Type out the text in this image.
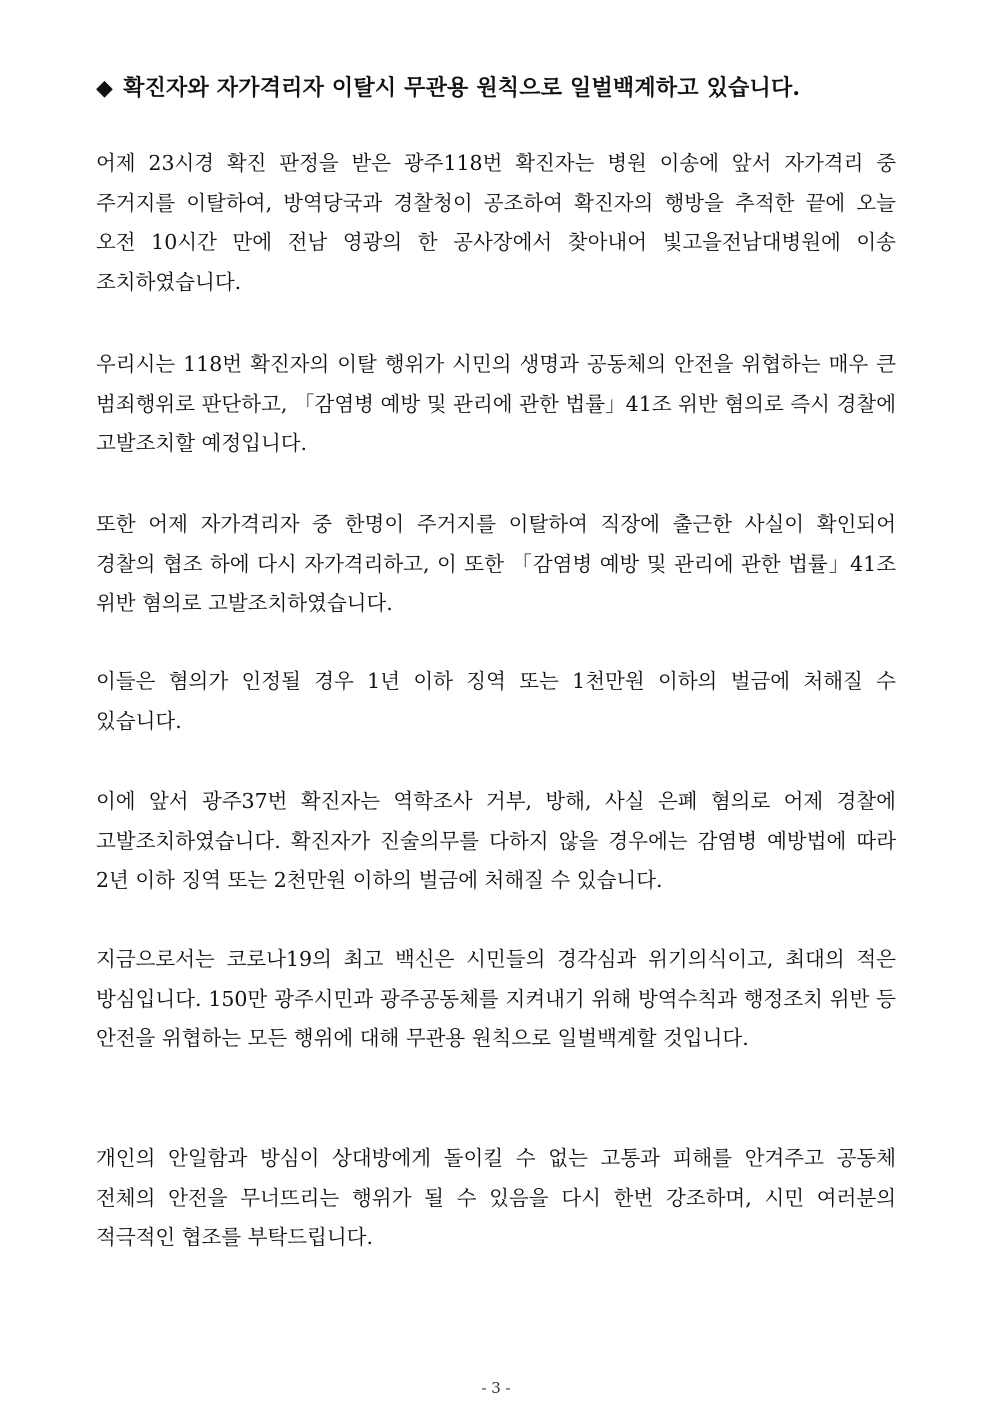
◆ 확진자와 자가격리자 이탈시 무관용 원칙으로 일벌백계하고 있습니다.

어제 23시경 확진 판정을 받은 광주118번 확진자는 병원 이송에 앞서 자가격리 중 주거지를 이탈하여, 방역당국과 경찰청이 공조하여 확진자의 행방을 추적한 끝에 오늘 오전 10시간 만에 전남 영광의 한 공사장에서 찾아내어 빛고을전남대병원에 이송 조치하였습니다.

우리시는 118번 확진자의 이탈 행위가 시민의 생명과 공동체의 안전을 위협하는 매우 큰 범죄행위로 판단하고, 「감염병 예방 및 관리에 관한 법률」41조 위반 혐의로 즉시 경찰에 고발조치할 예정입니다.

또한 어제 자가격리자 중 한명이 주거지를 이탈하여 직장에 출근한 사실이 확인되어 경찰의 협조 하에 다시 자가격리하고, 이 또한 「감염병 예방 및 관리에 관한 법률」41조 위반 혐의로 고발조치하였습니다.

이들은 혐의가 인정될 경우 1년 이하 징역 또는 1천만원 이하의 벌금에 처해질 수 있습니다.

이에 앞서 광주37번 확진자는 역학조사 거부, 방해, 사실 은폐 혐의로 어제 경찰에 고발조치하였습니다. 확진자가 진술의무를 다하지 않을 경우에는 감염병 예방법에 따라 2년 이하 징역 또는 2천만원 이하의 벌금에 처해질 수 있습니다.

지금으로서는 코로나19의 최고 백신은 시민들의 경각심과 위기의식이고, 최대의 적은 방심입니다. 150만 광주시민과 광주공동체를 지켜내기 위해 방역수칙과 행정조치 위반 등 안전을 위협하는 모든 행위에 대해 무관용 원칙으로 일벌백계할 것입니다.

개인의 안일함과 방심이 상대방에게 돌이킬 수 없는 고통과 피해를 안겨주고 공동체 전체의 안전을 무너뜨리는 행위가 될 수 있음을 다시 한번 강조하며, 시민 여러분의 적극적인 협조를 부탁드립니다.

- 3 -
